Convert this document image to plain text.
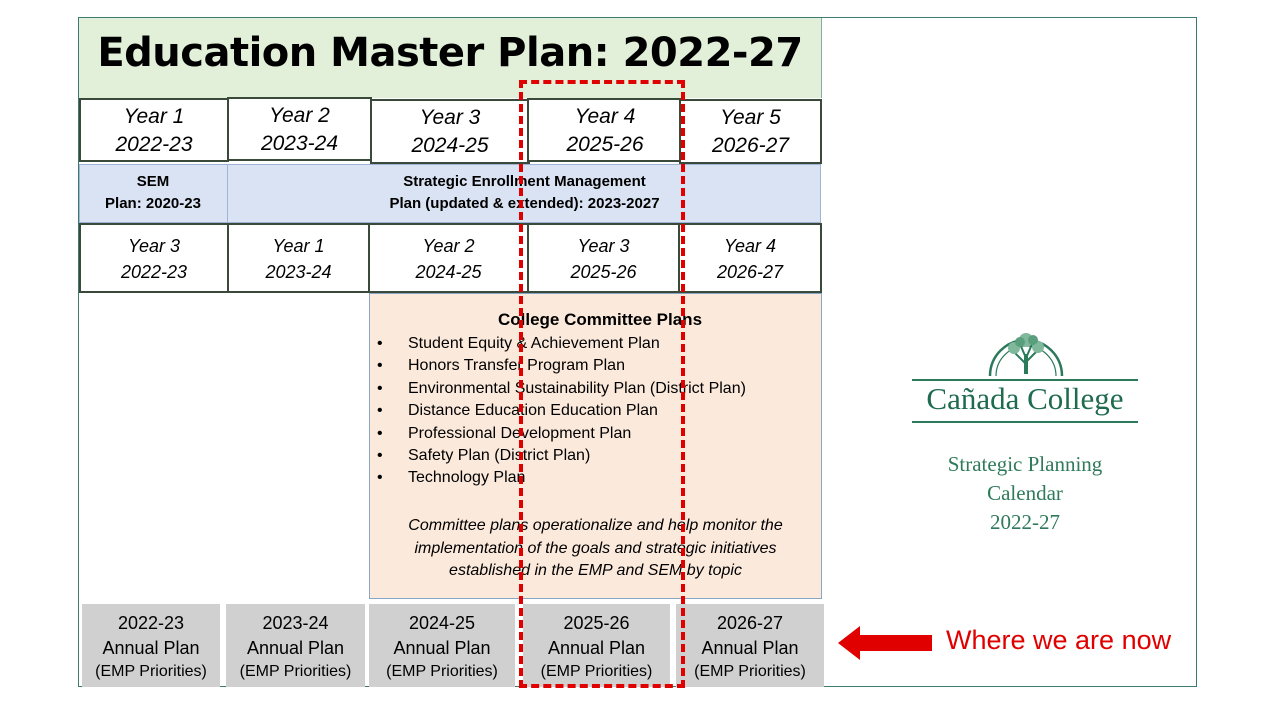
Education Master Plan: 2022-27
Year 1
2022-23
Year 2
2023-24
Year 3
2024-25
Year 4
2025-26
Year 5
2026-27
SEM
Plan: 2020-23
Strategic Enrollment Management
Plan (updated & extended): 2023-2027
Year 3
2022-23
Year 1
2023-24
Year 2
2024-25
Year 3
2025-26
Year 4
2026-27
College Committee Plans
• Student Equity & Achievement Plan
• Honors Transfer Program Plan
• Environmental Sustainability Plan (District Plan)
• Distance Education Education Plan
• Professional Development Plan
• Safety Plan (District Plan)
• Technology Plan
Committee plans operationalize and help monitor the
implementation of the goals and strategic initiatives
established in the EMP and SEM by topic
2022-23
Annual Plan
(EMP Priorities)
2023-24
Annual Plan
(EMP Priorities)
2024-25
Annual Plan
(EMP Priorities)
2025-26
Annual Plan
(EMP Priorities)
2026-27
Annual Plan
(EMP Priorities)
Where we are now
Cañada College
Strategic Planning
Calendar
2022-27
